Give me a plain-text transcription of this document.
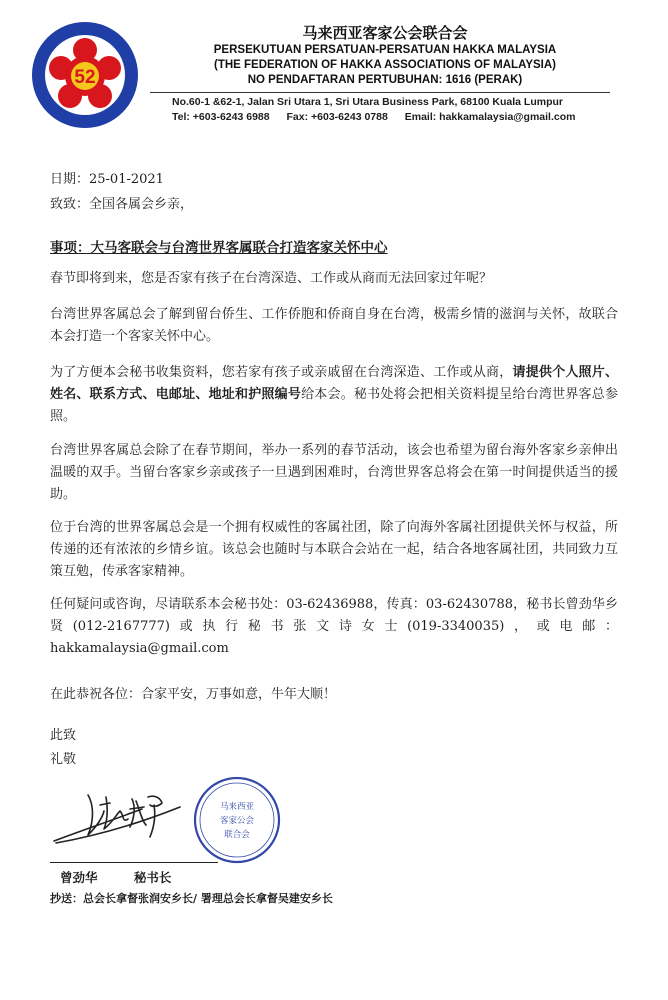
52
马来西亚客家公会联合会
PERSEKUTUAN PERSATUAN-PERSATUAN HAKKA MALAYSIA
(THE FEDERATION OF HAKKA ASSOCIATIONS OF MALAYSIA)
NO PENDAFTARAN PERTUBUHAN: 1616 (PERAK)
No.60-1 &62-1, Jalan Sri Utara 1, Sri Utara Business Park, 68100 Kuala Lumpur
Tel: +603-6243 6988 Fax: +603-6243 0788 Email: hakkamalaysia@gmail.com
日期：25-01-2021
致致：全国各属会乡亲，
事项：大马客联会与台湾世界客属联合打造客家关怀中心
春节即将到来，您是否家有孩子在台湾深造、工作或从商而无法回家过年呢？
台湾世界客属总会了解到留台侨生、工作侨胞和侨商自身在台湾，极需乡情的滋润与关怀，故联合本会打造一个客家关怀中心。
为了方便本会秘书收集资料，您若家有孩子或亲戚留在台湾深造、工作或从商，请提供个人照片、姓名、联系方式、电邮址、地址和护照编号给本会。秘书处将会把相关资料提呈给台湾世界客总参照。
台湾世界客属总会除了在春节期间，举办一系列的春节活动，该会也希望为留台海外客家乡亲伸出温暖的双手。当留台客家乡亲或孩子一旦遇到困难时，台湾世界客总将会在第一时间提供适当的援助。
位于台湾的世界客属总会是一个拥有权威性的客属社团，除了向海外客属社团提供关怀与权益，所传递的还有浓浓的乡情乡谊。该总会也随时与本联合会站在一起，结合各地客属社团，共同致力互策互勉，传承客家精神。
任何疑问或咨询，尽请联系本会秘书处：03-62436988，传真：03-62430788，秘书长曾劲华乡贤(012-2167777)或执行秘书张文诗女士(019-3340035)，或电邮：hakkamalaysia@gmail.com
在此恭祝各位：合家平安，万事如意，牛年大顺！
此致
礼敬
马来西亚
客家公会
联合会
曾劲华	秘书长
抄送：总会长拿督张润安乡长/ 署理总会长拿督吴建安乡长
